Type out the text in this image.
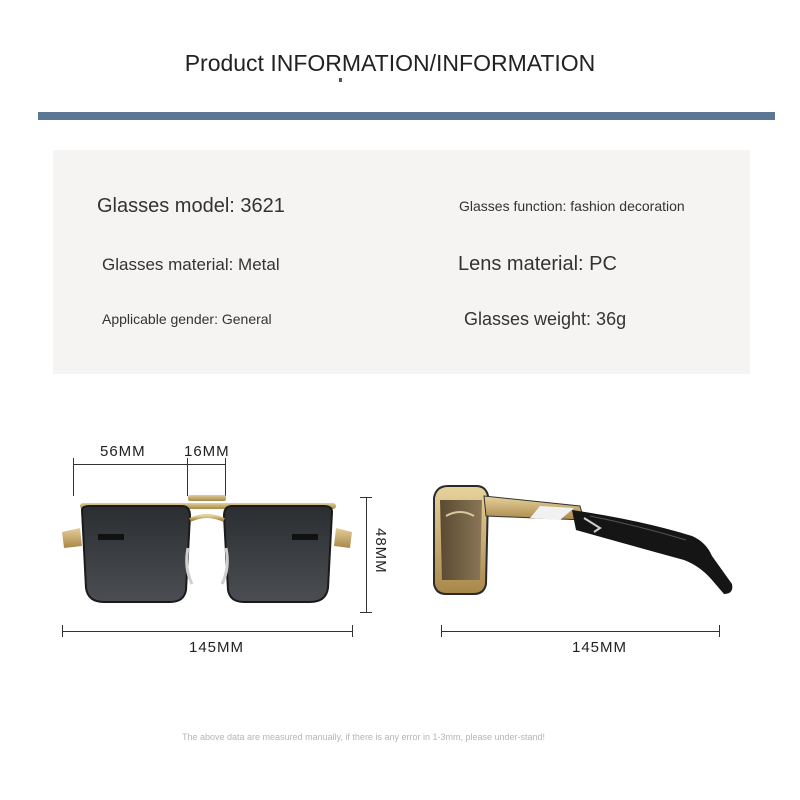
Product INFORMATION/INFORMATION
Glasses model: 3621	Glasses function: fashion decoration
Glasses material: Metal	Lens material: PC
Applicable gender: General	Glasses weight: 36g
56MM	16MM
48MM
145MM	145MM
The above data are measured manually, if there is any error in 1-3mm, please under-stand!
